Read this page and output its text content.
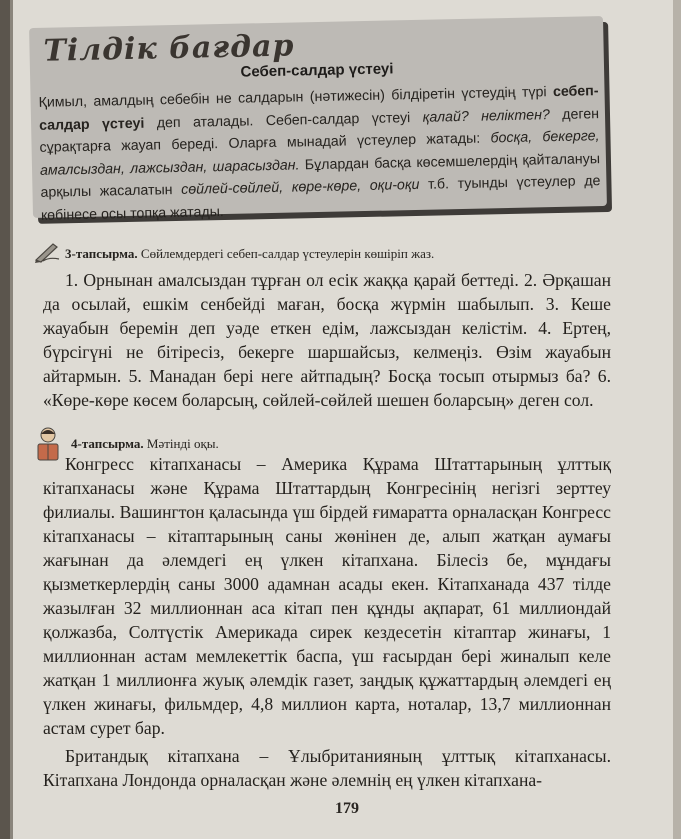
Тілдік бағдар
Себеп-салдар үстеуі
Қимыл, амалдың себебін не салдарын (нәтижесін) білдіретін үстеудің түрі себеп-салдар үстеуі деп аталады. Себеп-салдар үстеуі қалай? неліктен? деген сұрақтарға жауап береді. Оларға мынадай үстеулер жатады: босқа, бекерге, амалсыздан, лажсыздан, шарасыздан. Бұлардан басқа көсемшелердің қайталануы арқылы жасалатын сөйлей-сөйлей, көре-көре, оқи-оқи т.б. туынды үстеулер де көбінесе осы топқа жатады.
3-тапсырма. Сөйлемдердегі себеп-салдар үстеулерін көшіріп жаз.

1. Орнынан амалсыздан тұрған ол есік жаққа қарай беттеді. 2. Әрқашан да осылай, ешкім сенбейді маған, босқа жүрмін шабылып. 3. Кеше жауабын беремін деп уәде еткен едім, лажсыздан келістім. 4. Ертең, бүрсігүні не бітіресіз, бекерге шаршайсыз, келмеңіз. Өзім жауабын айтармын. 5. Манадан бері неге айтпадың? Босқа тосып отырмыз ба? 6. «Көре-көре көсем боларсың, сөйлей-сөйлей шешен боларсың» деген сол.

4-тапсырма. Мәтінді оқы.

Конгресс кітапханасы – Америка Құрама Штаттарының ұлттық кітапханасы және Құрама Штаттардың Конгресінің негізгі зерттеу филиалы. Вашингтон қаласында үш бірдей ғимаратта орналасқан Конгресс кітапханасы – кітаптарының саны жөнінен де, алып жатқан аумағы жағынан да әлемдегі ең үлкен кітапхана. Білесіз бе, мұндағы қызметкерлердің саны 3000 адамнан асады екен. Кітапханада 437 тілде жазылған 32 миллионнан аса кітап пен құнды ақпарат, 61 миллиондай қолжазба, Солтүстік Америкада сирек кездесетін кітаптар жинағы, 1 миллионнан астам мемлекеттік баспа, үш ғасырдан бері жиналып келе жатқан 1 миллионға жуық әлемдік газет, заңдық құжаттардың әлемдегі ең үлкен жинағы, фильмдер, 4,8 миллион карта, ноталар, 13,7 миллионнан астам сурет бар.

Британдық кітапхана – Ұлыбританияның ұлттық кітапханасы. Кітапхана Лондонда орналасқан және әлемнің ең үлкен кітапхана-

179
